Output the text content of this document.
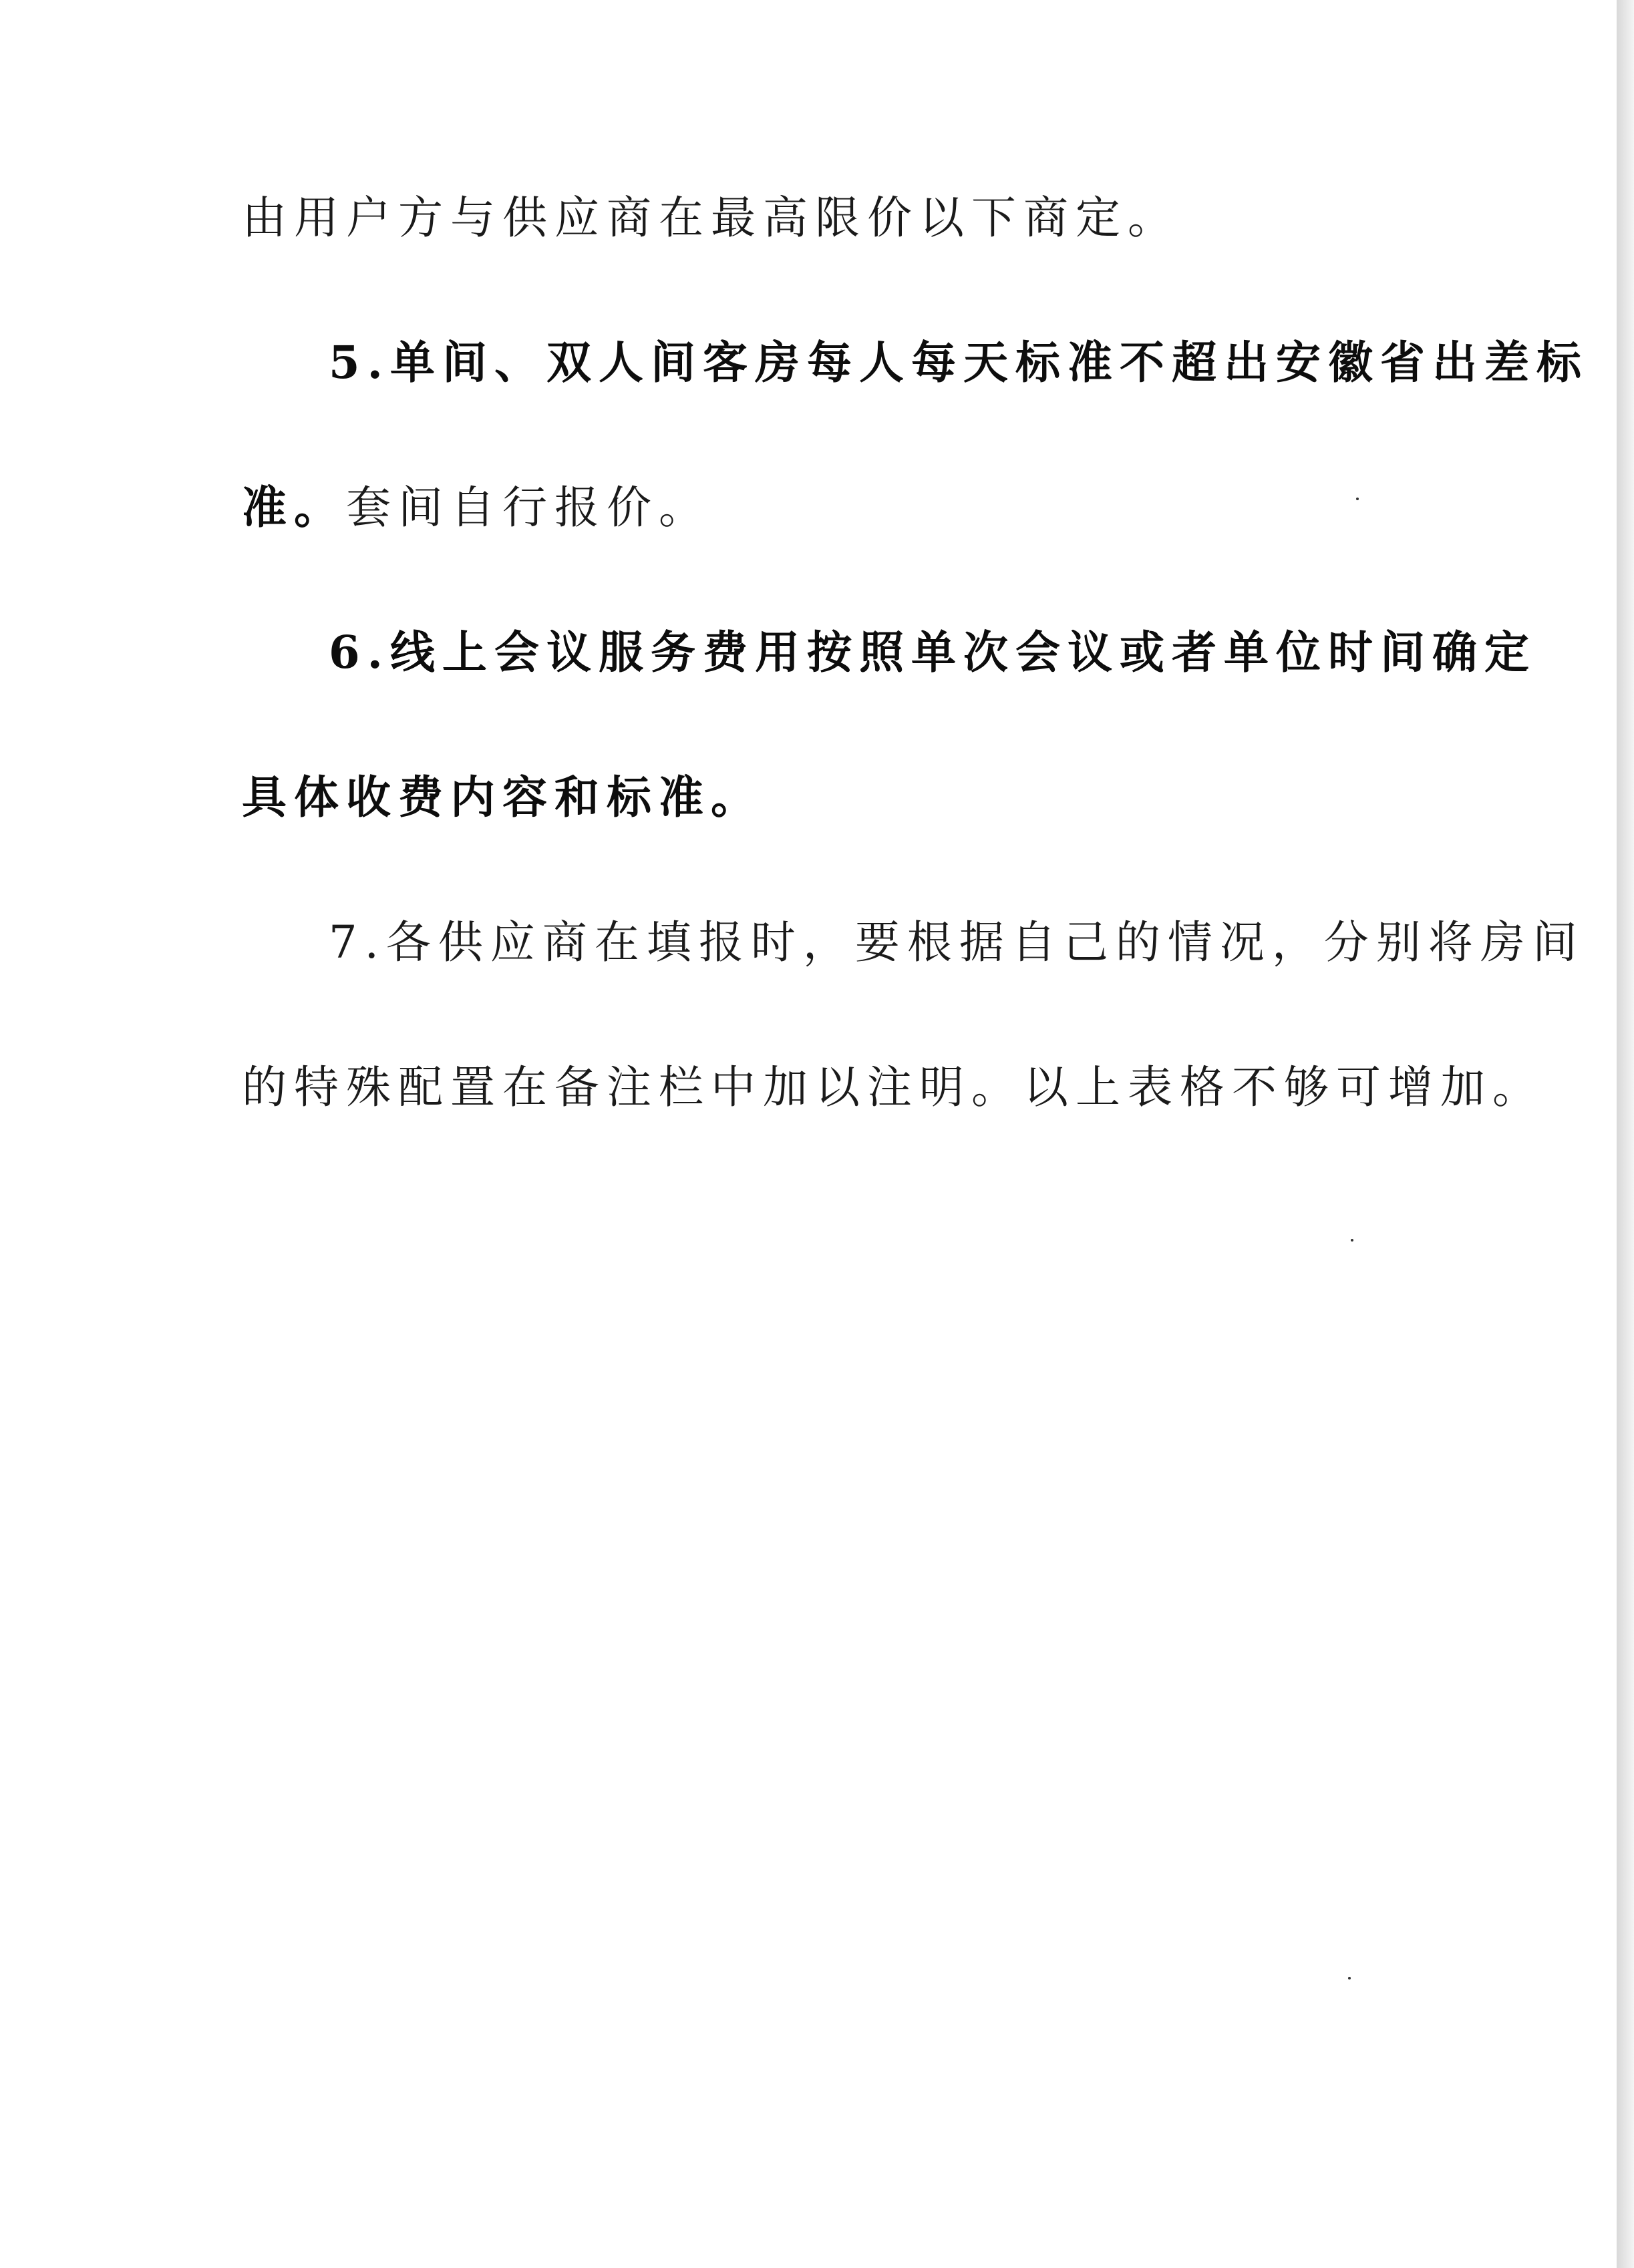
由用户方与供应商在最高限价以下商定。
5.单间、双人间客房每人每天标准不超出安徽省出差标
准。套间自行报价。
6.线上会议服务费用按照单次会议或者单位时间确定
具体收费内容和标准。
7.各供应商在填报时，要根据自己的情况，分别将房间
的特殊配置在备注栏中加以注明。以上表格不够可增加。
